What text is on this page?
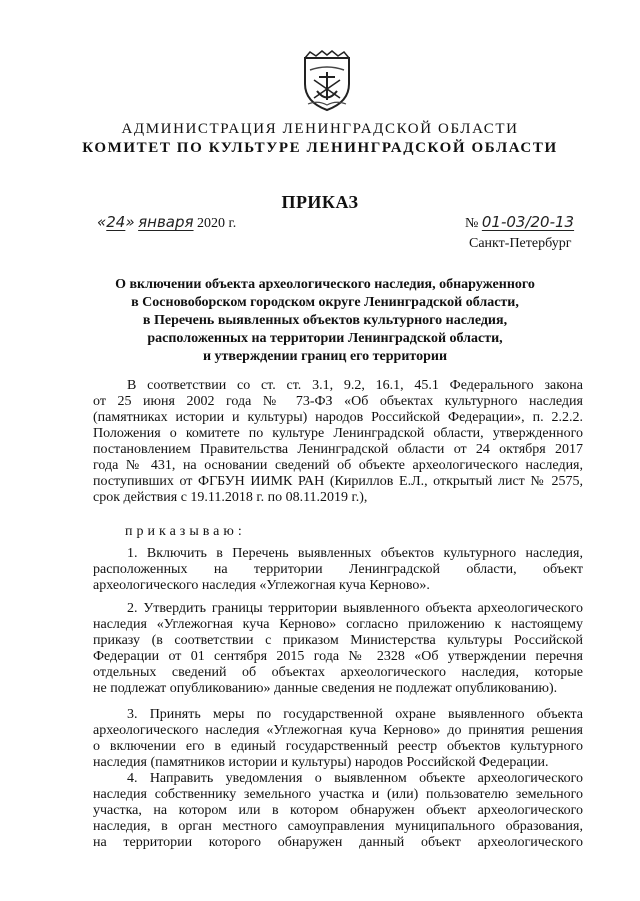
АДМИНИСТРАЦИЯ ЛЕНИНГРАДСКОЙ ОБЛАСТИ
КОМИТЕТ ПО КУЛЬТУРЕ ЛЕНИНГРАДСКОЙ ОБЛАСТИ
ПРИКАЗ
«24» января 2020 г.	№ 01-03/20-13
Санкт-Петербург
О включении объекта археологического наследия, обнаруженного
в Сосновоборском городском округе Ленинградской области,
в Перечень выявленных объектов культурного наследия,
расположенных на территории Ленинградской области,
и утверждении границ его территории
В соответствии со ст. ст. 3.1, 9.2, 16.1, 45.1 Федерального закона
от 25 июня 2002 года № 73-ФЗ «Об объектах культурного наследия
(памятниках истории и культуры) народов Российской Федерации», п. 2.2.2.
Положения о комитете по культуре Ленинградской области, утвержденного
постановлением Правительства Ленинградской области от 24 октября 2017
года № 431, на основании сведений об объекте археологического наследия,
поступивших от ФГБУН ИИМК РАН (Кириллов Е.Л., открытый лист № 2575,
срок действия с 19.11.2018 г. по 08.11.2019 г.),
приказываю:
1. Включить в Перечень выявленных объектов культурного наследия,
расположенных на территории Ленинградской области, объект
археологического наследия «Углежогная куча Керново».
2. Утвердить границы территории выявленного объекта археологического
наследия «Углежогная куча Керново» согласно приложению к настоящему
приказу (в соответствии с приказом Министерства культуры Российской
Федерации от 01 сентября 2015 года № 2328 «Об утверждении перечня
отдельных сведений об объектах археологического наследия, которые
не подлежат опубликованию» данные сведения не подлежат опубликованию).
3. Принять меры по государственной охране выявленного объекта
археологического наследия «Углежогная куча Керново» до принятия решения
о включении его в единый государственный реестр объектов культурного
наследия (памятников истории и культуры) народов Российской Федерации.
4. Направить уведомления о выявленном объекте археологического
наследия собственнику земельного участка и (или) пользователю земельного
участка, на котором или в котором обнаружен объект археологического
наследия, в орган местного самоуправления муниципального образования,
на территории которого обнаружен данный объект археологического
